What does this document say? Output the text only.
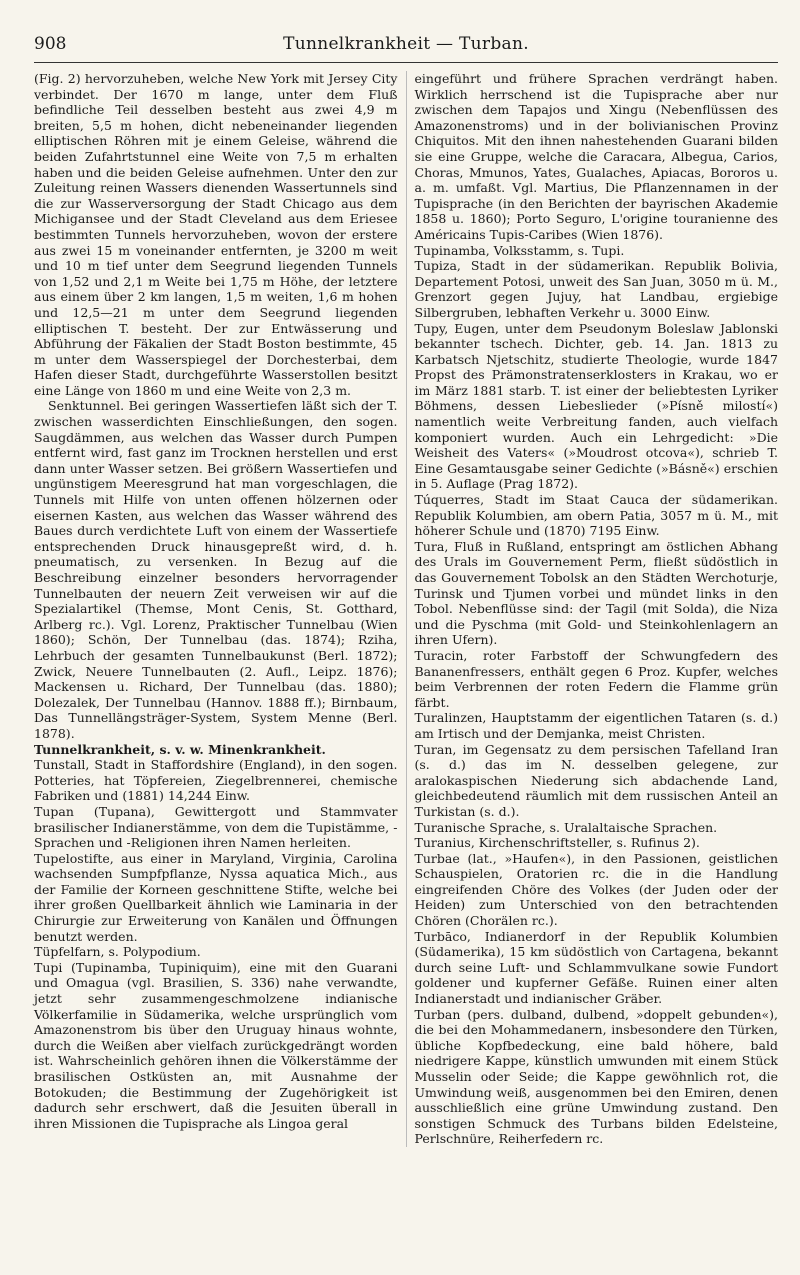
908	Tunnelkrankheit — Turban.

(Fig. 2) hervorzuheben, welche New York mit Jersey City verbindet. Der 1670 m lange, unter dem Fluß befindliche Teil desselben besteht aus zwei 4,9 m breiten, 5,5 m hohen, dicht nebeneinander liegenden elliptischen Röhren mit je einem Geleise, während die beiden Zufahrtstunnel eine Weite von 7,5 m erhalten haben und die beiden Geleise aufnehmen. Unter den zur Zuleitung reinen Wassers dienenden Wassertunnels sind die zur Wasserversorgung der Stadt Chicago aus dem Michigansee und der Stadt Cleveland aus dem Eriesee bestimmten Tunnels hervorzuheben, wovon der erstere aus zwei 15 m voneinander entfernten, je 3200 m weit und 10 m tief unter dem Seegrund liegenden Tunnels von 1,52 und 2,1 m Weite bei 1,75 m Höhe, der letztere aus einem über 2 km langen, 1,5 m weiten, 1,6 m hohen und 12,5—21 m unter dem Seegrund liegenden elliptischen T. besteht. Der zur Entwässerung und Abführung der Fäkalien der Stadt Boston bestimmte, 45 m unter dem Wasserspiegel der Dorchesterbai, dem Hafen dieser Stadt, durchgeführte Wasserstollen besitzt eine Länge von 1860 m und eine Weite von 2,3 m.

Senktunnel. Bei geringen Wassertiefen läßt sich der T. zwischen wasserdichten Einschließungen, den sogen. Saugdämmen, aus welchen das Wasser durch Pumpen entfernt wird, fast ganz im Trocknen herstellen und erst dann unter Wasser setzen. Bei größern Wassertiefen und ungünstigem Meeresgrund hat man vorgeschlagen, die Tunnels mit Hilfe von unten offenen hölzernen oder eisernen Kasten, aus welchen das Wasser während des Baues durch verdichtete Luft von einem der Wassertiefe entsprechenden Druck hinausgepreßt wird, d. h. pneumatisch, zu versenken. In Bezug auf die Beschreibung einzelner besonders hervorragender Tunnelbauten der neuern Zeit verweisen wir auf die Spezialartikel (Themse, Mont Cenis, St. Gotthard, Arlberg rc.). Vgl. Lorenz, Praktischer Tunnelbau (Wien 1860); Schön, Der Tunnelbau (das. 1874); Rziha, Lehrbuch der gesamten Tunnelbaukunst (Berl. 1872); Zwick, Neuere Tunnelbauten (2. Aufl., Leipz. 1876); Mackensen u. Richard, Der Tunnelbau (das. 1880); Dolezalek, Der Tunnelbau (Hannov. 1888 ff.); Birnbaum, Das Tunnellängsträger-System, System Menne (Berl. 1878).

Tunnelkrankheit, s. v. w. Minenkrankheit.

Tunstall, Stadt in Staffordshire (England), in den sogen. Potteries, hat Töpfereien, Ziegelbrennerei, chemische Fabriken und (1881) 14,244 Einw.

Tupan (Tupana), Gewittergott und Stammvater brasilischer Indianerstämme, von dem die Tupistämme, -Sprachen und -Religionen ihren Namen herleiten.

Tupelostifte, aus einer in Maryland, Virginia, Carolina wachsenden Sumpfpflanze, Nyssa aquatica Mich., aus der Familie der Korneen geschnittene Stifte, welche bei ihrer großen Quellbarkeit ähnlich wie Laminaria in der Chirurgie zur Erweiterung von Kanälen und Öffnungen benutzt werden.

Tüpfelfarn, s. Polypodium.

Tupi (Tupinamba, Tupiniquim), eine mit den Guarani und Omagua (vgl. Brasilien, S. 336) nahe verwandte, jetzt sehr zusammengeschmolzene indianische Völkerfamilie in Südamerika, welche ursprünglich vom Amazonenstrom bis über den Uruguay hinaus wohnte, durch die Weißen aber vielfach zurückgedrängt worden ist. Wahrscheinlich gehören ihnen die Völkerstämme der brasilischen Ostküsten an, mit Ausnahme der Botokuden; die Bestimmung der Zugehörigkeit ist dadurch sehr erschwert, daß die Jesuiten überall in ihren Missionen die Tupisprache als Lingoa geral

eingeführt und frühere Sprachen verdrängt haben. Wirklich herrschend ist die Tupisprache aber nur zwischen dem Tapajos und Xingu (Nebenflüssen des Amazonenstroms) und in der bolivianischen Provinz Chiquitos. Mit den ihnen nahestehenden Guarani bilden sie eine Gruppe, welche die Caracara, Albegua, Carios, Choras, Mmunos, Yates, Gualaches, Apiacas, Bororos u. a. m. umfaßt. Vgl. Martius, Die Pflanzennamen in der Tupisprache (in den Berichten der bayrischen Akademie 1858 u. 1860); Porto Seguro, L'origine touranienne des Américains Tupis-Caribes (Wien 1876).

Tupinamba, Volksstamm, s. Tupi.

Tupiza, Stadt in der südamerikan. Republik Bolivia, Departement Potosi, unweit des San Juan, 3050 m ü. M., Grenzort gegen Jujuy, hat Landbau, ergiebige Silbergruben, lebhaften Verkehr u. 3000 Einw.

Tupy, Eugen, unter dem Pseudonym Boleslaw Jablonski bekannter tschech. Dichter, geb. 14. Jan. 1813 zu Karbatsch Njetschitz, studierte Theologie, wurde 1847 Propst des Prämonstratenserklosters in Krakau, wo er im März 1881 starb. T. ist einer der beliebtesten Lyriker Böhmens, dessen Liebeslieder (»Písně milostí«) namentlich weite Verbreitung fanden, auch vielfach komponiert wurden. Auch ein Lehrgedicht: »Die Weisheit des Vaters« (»Moudrost otcova«), schrieb T. Eine Gesamtausgabe seiner Gedichte (»Básně«) erschien in 5. Auflage (Prag 1872).

Túquerres, Stadt im Staat Cauca der südamerikan. Republik Kolumbien, am obern Patia, 3057 m ü. M., mit höherer Schule und (1870) 7195 Einw.

Tura, Fluß in Rußland, entspringt am östlichen Abhang des Urals im Gouvernement Perm, fließt südöstlich in das Gouvernement Tobolsk an den Städten Werchoturje, Turinsk und Tjumen vorbei und mündet links in den Tobol. Nebenflüsse sind: der Tagil (mit Solda), die Niza und die Pyschma (mit Gold- und Steinkohlenlagern an ihren Ufern).

Turacin, roter Farbstoff der Schwungfedern des Bananenfressers, enthält gegen 6 Proz. Kupfer, welches beim Verbrennen der roten Federn die Flamme grün färbt.

Turalinzen, Hauptstamm der eigentlichen Tataren (s. d.) am Irtisch und der Demjanka, meist Christen.

Turan, im Gegensatz zu dem persischen Tafelland Iran (s. d.) das im N. desselben gelegene, zur aralokaspischen Niederung sich abdachende Land, gleichbedeutend räumlich mit dem russischen Anteil an Turkistan (s. d.).

Turanische Sprache, s. Uralaltaische Sprachen.

Turanius, Kirchenschriftsteller, s. Rufinus 2).

Turbae (lat., »Haufen«), in den Passionen, geistlichen Schauspielen, Oratorien rc. die in die Handlung eingreifenden Chöre des Volkes (der Juden oder der Heiden) zum Unterschied von den betrachtenden Chören (Chorälen rc.).

Turbāco, Indianerdorf in der Republik Kolumbien (Südamerika), 15 km südöstlich von Cartagena, bekannt durch seine Luft- und Schlammvulkane sowie Fundort goldener und kupferner Gefäße. Ruinen einer alten Indianerstadt und indianischer Gräber.

Turban (pers. dulband, dulbend, »doppelt gebunden«), die bei den Mohammedanern, insbesondere den Türken, übliche Kopfbedeckung, eine bald höhere, bald niedrigere Kappe, künstlich umwunden mit einem Stück Musselin oder Seide; die Kappe gewöhnlich rot, die Umwindung weiß, ausgenommen bei den Emiren, denen ausschließlich eine grüne Umwindung zustand. Den sonstigen Schmuck des Turbans bilden Edelsteine, Perlschnüre, Reiherfedern rc.
